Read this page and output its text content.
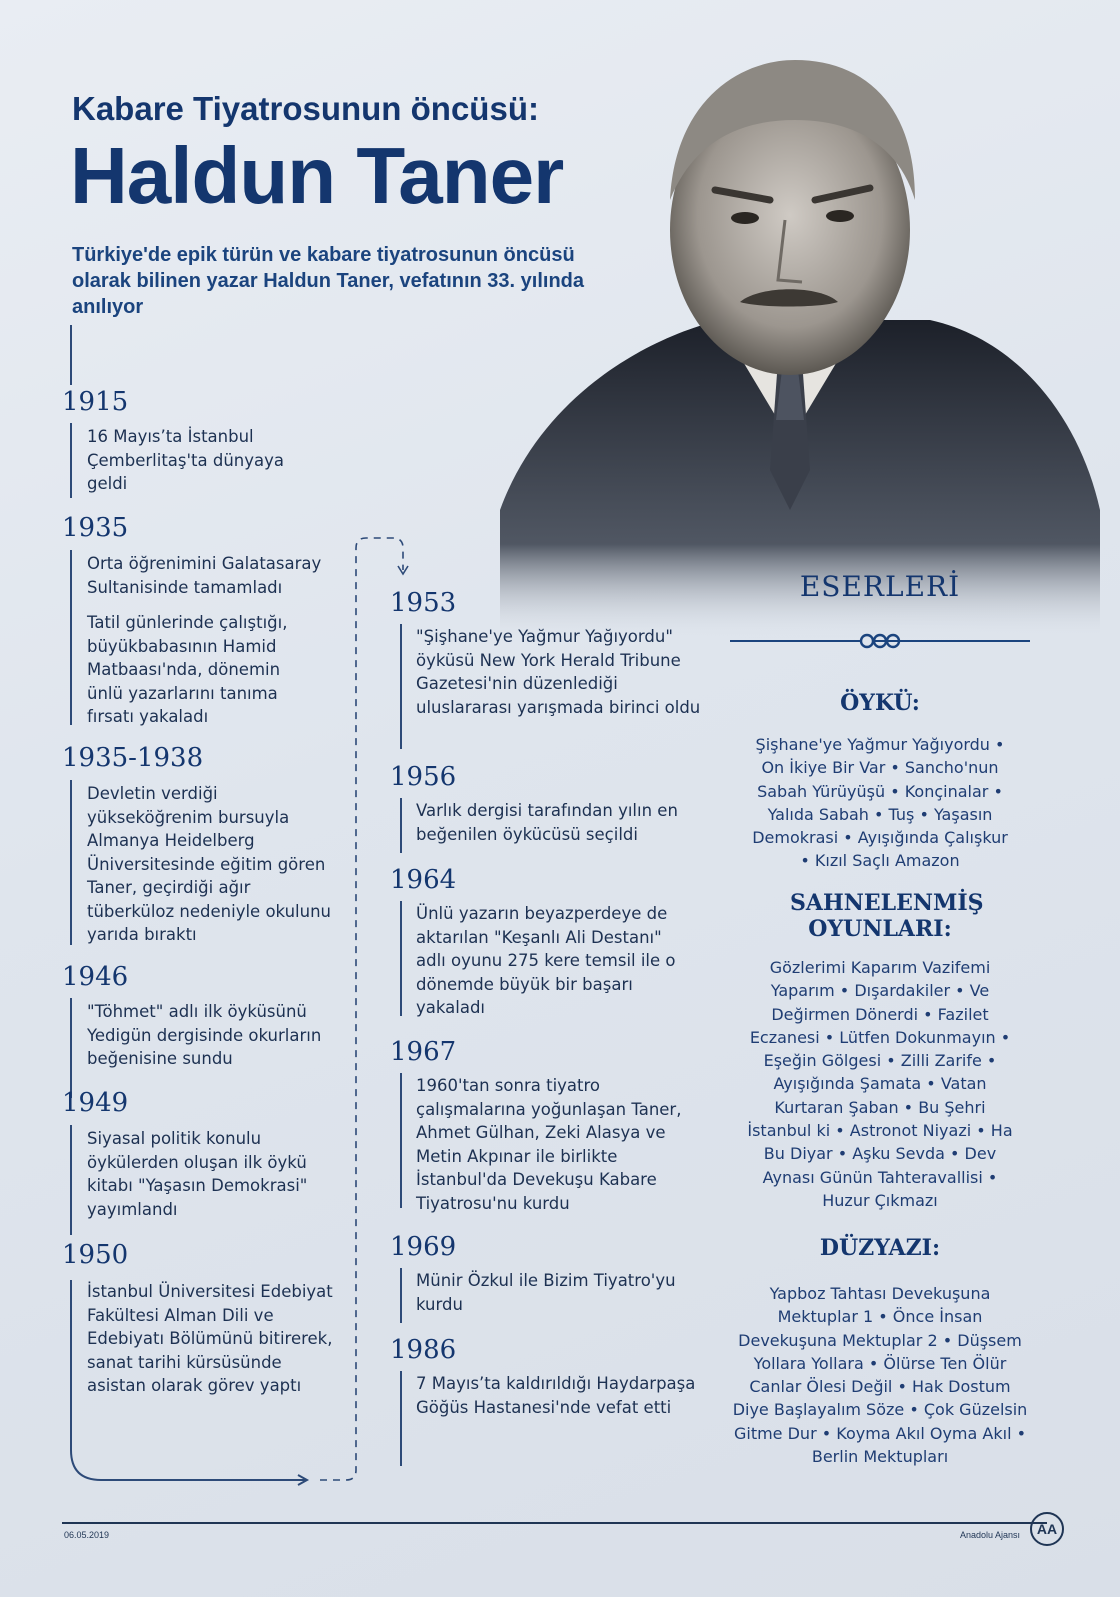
Kabare Tiyatrosunun öncüsü:
Haldun Taner
Türkiye'de epik türün ve kabare tiyatrosunun öncüsü olarak bilinen yazar Haldun Taner, vefatının 33. yılında anılıyor
1915
16 Mayıs’ta İstanbul Çemberlitaş'ta dünyaya geldi
1935
Orta öğrenimini Galatasaray Sultanisinde tamamladı
Tatil günlerinde çalıştığı, büyükbabasının Hamid Matbaası'nda, dönemin ünlü yazarlarını tanıma fırsatı yakaladı
1935-1938
Devletin verdiği yükseköğrenim bursuyla Almanya Heidelberg Üniversitesinde eğitim gören Taner, geçirdiği ağır tüberküloz nedeniyle okulunu yarıda bıraktı
1946
"Töhmet" adlı ilk öyküsünü Yedigün dergisinde okurların beğenisine sundu
1949
Siyasal politik konulu öykülerden oluşan ilk öykü kitabı "Yaşasın Demokrasi" yayımlandı
1950
İstanbul Üniversitesi Edebiyat Fakültesi Alman Dili ve Edebiyatı Bölümünü bitirerek, sanat tarihi kürsüsünde asistan olarak görev yaptı
1953
"Şişhane'ye Yağmur Yağıyordu" öyküsü New York Herald Tribune Gazetesi'nin düzenlediği uluslararası yarışmada birinci oldu
1956
Varlık dergisi tarafından yılın en beğenilen öykücüsü seçildi
1964
Ünlü yazarın beyazperdeye de aktarılan "Keşanlı Ali Destanı" adlı oyunu 275 kere temsil ile o dönemde büyük bir başarı yakaladı
1967
1960'tan sonra tiyatro çalışmalarına yoğunlaşan Taner, Ahmet Gülhan, Zeki Alasya ve Metin Akpınar ile birlikte İstanbul'da Devekuşu Kabare Tiyatrosu'nu kurdu
1969
Münir Özkul ile Bizim Tiyatro'yu kurdu
1986
7 Mayıs’ta kaldırıldığı Haydarpaşa Göğüs Hastanesi'nde vefat etti
ESERLERİ
ÖYKÜ:
Şişhane'ye Yağmur Yağıyordu • On İkiye Bir Var • Sancho'nun Sabah Yürüyüşü • Konçinalar • Yalıda Sabah • Tuş • Yaşasın Demokrasi • Ayışığında Çalışkur • Kızıl Saçlı Amazon
SAHNELENMİŞ OYUNLARI:
Gözlerimi Kaparım Vazifemi Yaparım • Dışardakiler • Ve Değirmen Dönerdi • Fazilet Eczanesi • Lütfen Dokunmayın • Eşeğin Gölgesi • Zilli Zarife • Ayışığında Şamata • Vatan Kurtaran Şaban • Bu Şehri İstanbul ki • Astronot Niyazi • Ha Bu Diyar • Aşku Sevda • Dev Aynası Günün Tahteravallisi • Huzur Çıkmazı
DÜZYAZI:
Yapboz Tahtası Devekuşuna Mektuplar 1 • Önce İnsan Devekuşuna Mektuplar 2 • Düşsem Yollara Yollara • Ölürse Ten Ölür Canlar Ölesi Değil • Hak Dostum Diye Başlayalım Söze • Çok Güzelsin Gitme Dur • Koyma Akıl Oyma Akıl • Berlin Mektupları
06.05.2019	Anadolu Ajansı	AA
